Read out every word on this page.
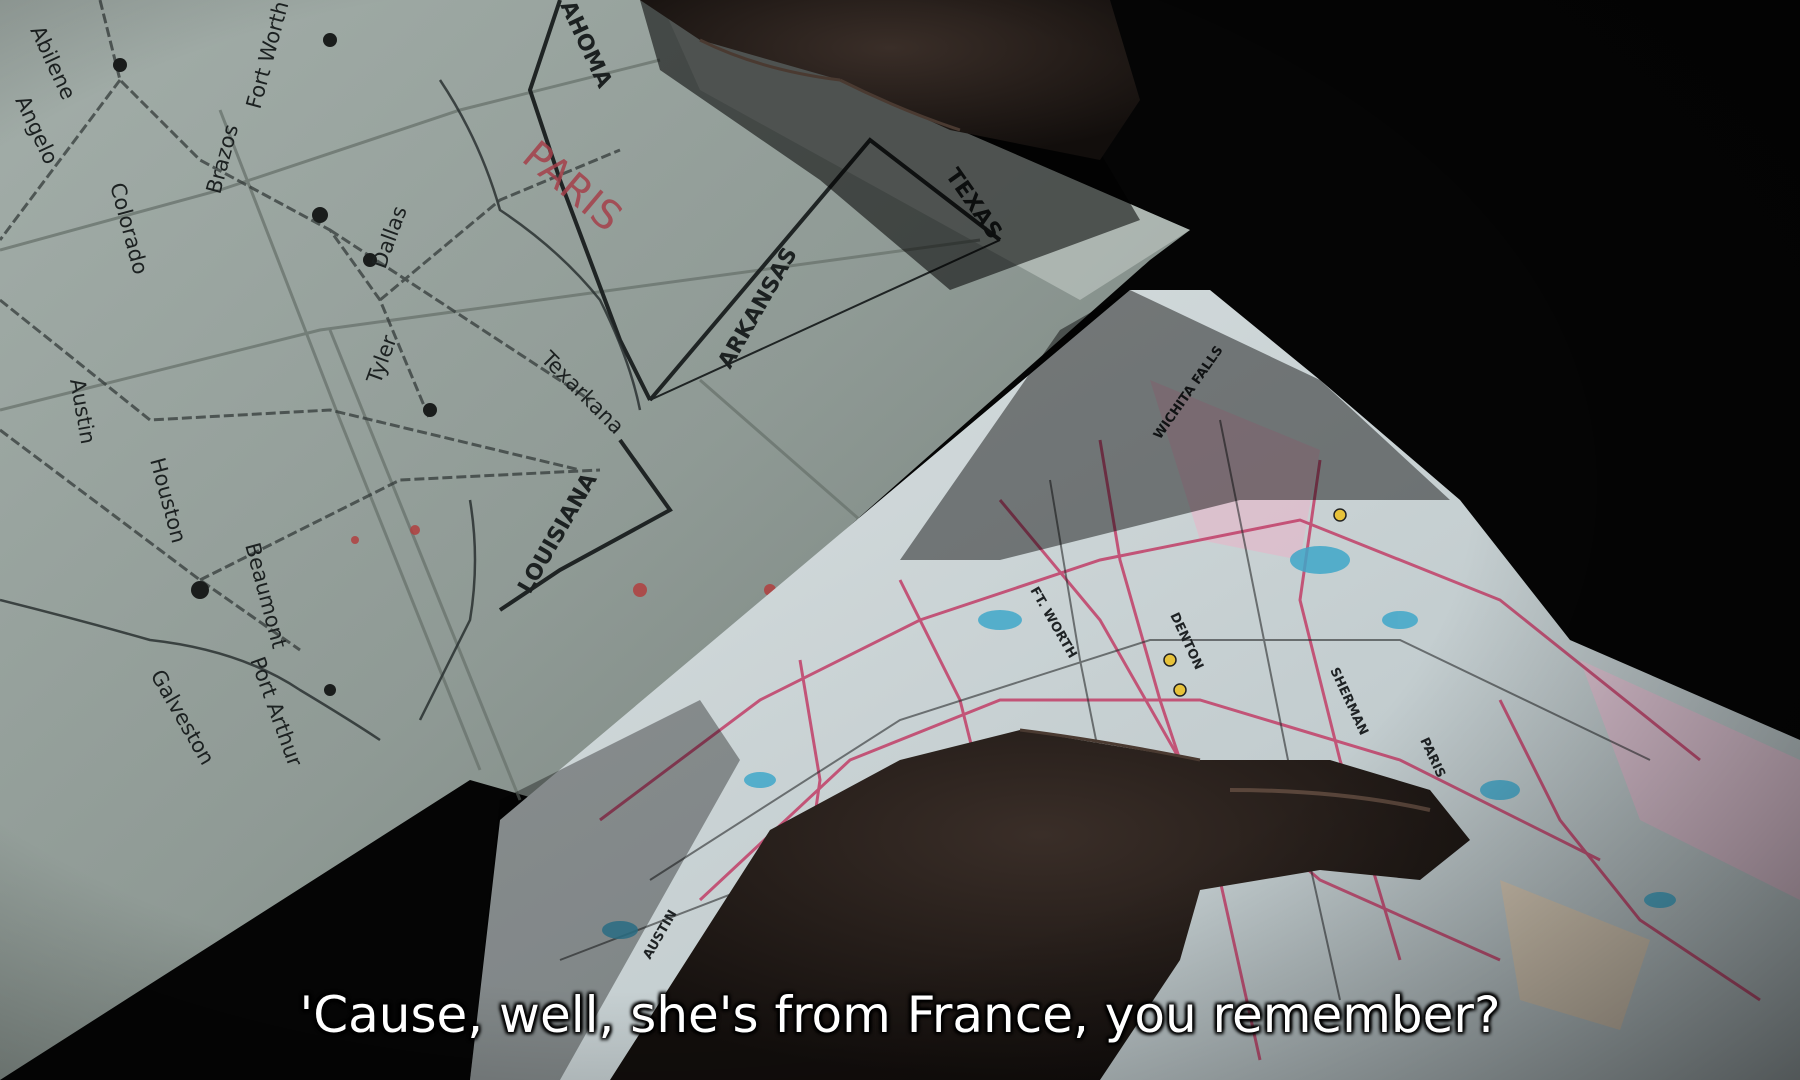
'Cause, well, she's from France, you remember?
